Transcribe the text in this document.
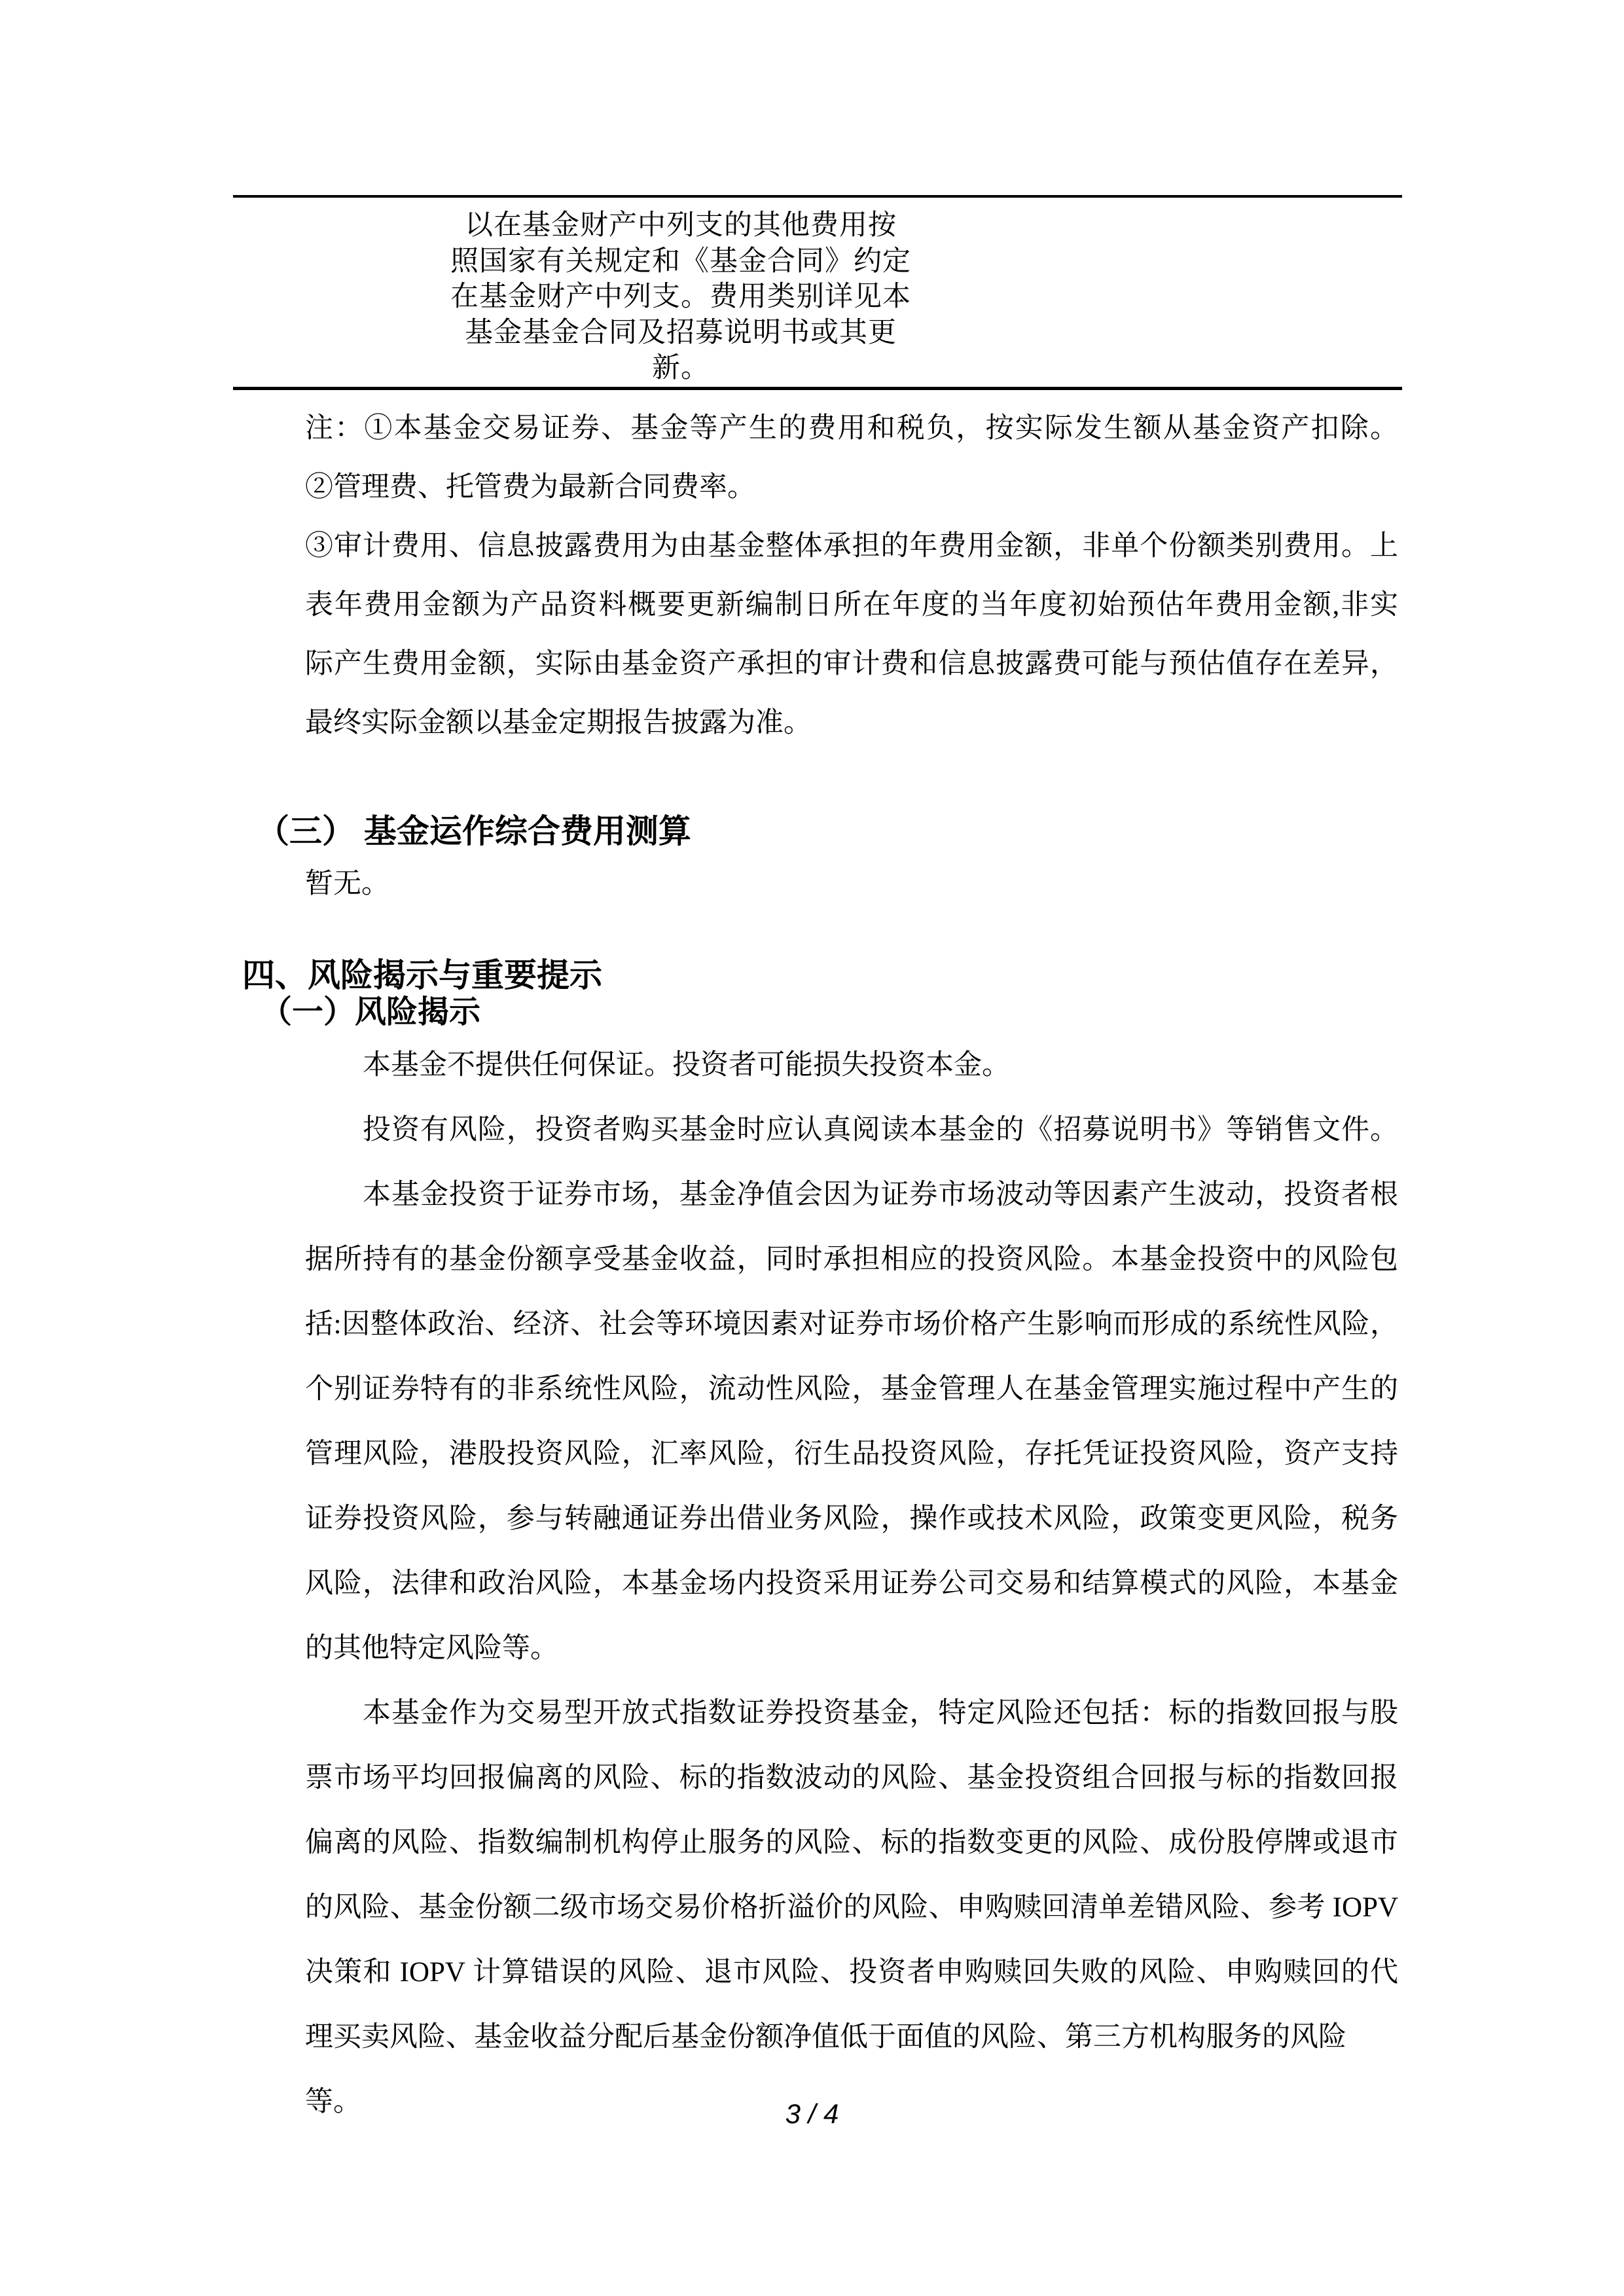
以在基金财产中列支的其他费用按
照国家有关规定和《基金合同》约定
在基金财产中列支。费用类别详见本
基金基金合同及招募说明书或其更
新。
注：①本基金交易证券、基金等产生的费用和税负，按实际发生额从基金资产扣除。
②管理费、托管费为最新合同费率。
③审计费用、信息披露费用为由基金整体承担的年费用金额，非单个份额类别费用。上
表年费用金额为产品资料概要更新编制日所在年度的当年度初始预估年费用金额,非实
际产生费用金额，实际由基金资产承担的审计费和信息披露费可能与预估值存在差异，
最终实际金额以基金定期报告披露为准。
（三） 基金运作综合费用测算
暂无。
四、风险揭示与重要提示
（一）风险揭示
本基金不提供任何保证。投资者可能损失投资本金。
投资有风险，投资者购买基金时应认真阅读本基金的《招募说明书》等销售文件。
本基金投资于证券市场，基金净值会因为证券市场波动等因素产生波动，投资者根
据所持有的基金份额享受基金收益，同时承担相应的投资风险。本基金投资中的风险包
括:因整体政治、经济、社会等环境因素对证券市场价格产生影响而形成的系统性风险，
个别证券特有的非系统性风险，流动性风险，基金管理人在基金管理实施过程中产生的
管理风险，港股投资风险，汇率风险，衍生品投资风险，存托凭证投资风险，资产支持
证券投资风险，参与转融通证券出借业务风险，操作或技术风险，政策变更风险，税务
风险，法律和政治风险，本基金场内投资采用证券公司交易和结算模式的风险，本基金
的其他特定风险等。
本基金作为交易型开放式指数证券投资基金，特定风险还包括：标的指数回报与股
票市场平均回报偏离的风险、标的指数波动的风险、基金投资组合回报与标的指数回报
偏离的风险、指数编制机构停止服务的风险、标的指数变更的风险、成份股停牌或退市
的风险、基金份额二级市场交易价格折溢价的风险、申购赎回清单差错风险、参考 IOPV
决策和 IOPV 计算错误的风险、退市风险、投资者申购赎回失败的风险、申购赎回的代
理买卖风险、基金收益分配后基金份额净值低于面值的风险、第三方机构服务的风险等。	3 / 4
